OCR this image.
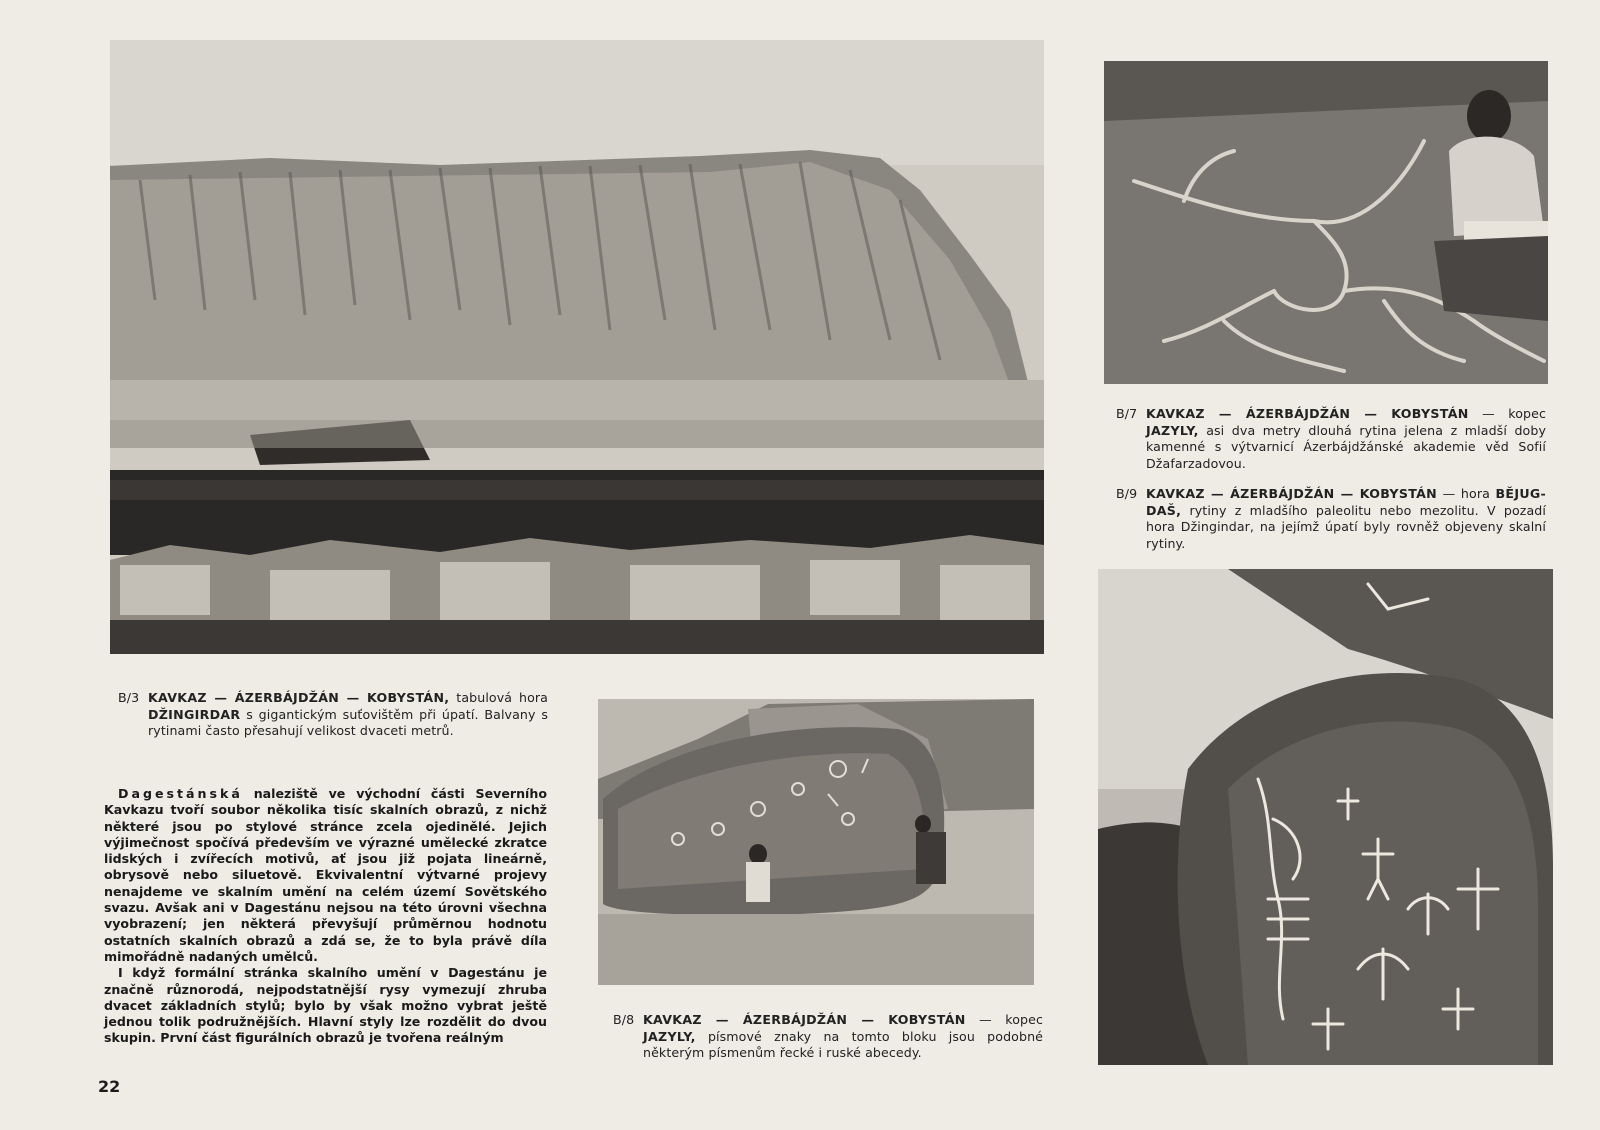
B/3 KAVKAZ — ÁZERBÁJDŽÁN — KOBYSTÁN, tabulová hora DŽINGIRDAR s gigantickým suťovištěm při úpatí. Balvany s rytinami často přesahují velikost dvaceti metrů.
B/7 KAVKAZ — ÁZERBÁJDŽÁN — KOBYSTÁN — kopec JAZYLY, asi dva metry dlouhá rytina jelena z mladší doby kamenné s výtvarnicí Ázerbájdžánské akademie věd Sofií Džafarzadovou.
B/9 KAVKAZ — ÁZERBÁJDŽÁN — KOBYSTÁN — hora BĚJUG-DAŠ, rytiny z mladšího paleolitu nebo mezolitu. V pozadí hora Džingindar, na jejímž úpatí byly rovněž objeveny skalní rytiny.
B/8 KAVKAZ — ÁZERBÁJDŽÁN — KOBYSTÁN — kopec JAZYLY, písmové znaky na tomto bloku jsou podobné některým písmenům řecké i ruské abecedy.

Dagestánská naleziště ve východní části Severního Kavkazu tvoří soubor několika tisíc skalních obrazů, z nichž některé jsou po stylové stránce zcela ojedinělé. Jejich výjimečnost spočívá především ve výrazné umělecké zkratce lidských i zvířecích motivů, ať jsou již pojata lineárně, obrysově nebo siluetově. Ekvivalentní výtvarné projevy nenajdeme ve skalním umění na celém území Sovětského svazu. Avšak ani v Dagestánu nejsou na této úrovni všechna vyobrazení; jen některá převyšují průměrnou hodnotu ostatních skalních obrazů a zdá se, že to byla právě díla mimořádně nadaných umělců.

I když formální stránka skalního umění v Dagestánu je značně různorodá, nejpodstatnější rysy vymezují zhruba dvacet základních stylů; bylo by však možno vybrat ještě jednou tolik podružnějších. Hlavní styly lze rozdělit do dvou skupin. První část figurálních obrazů je tvořena reálným

22
